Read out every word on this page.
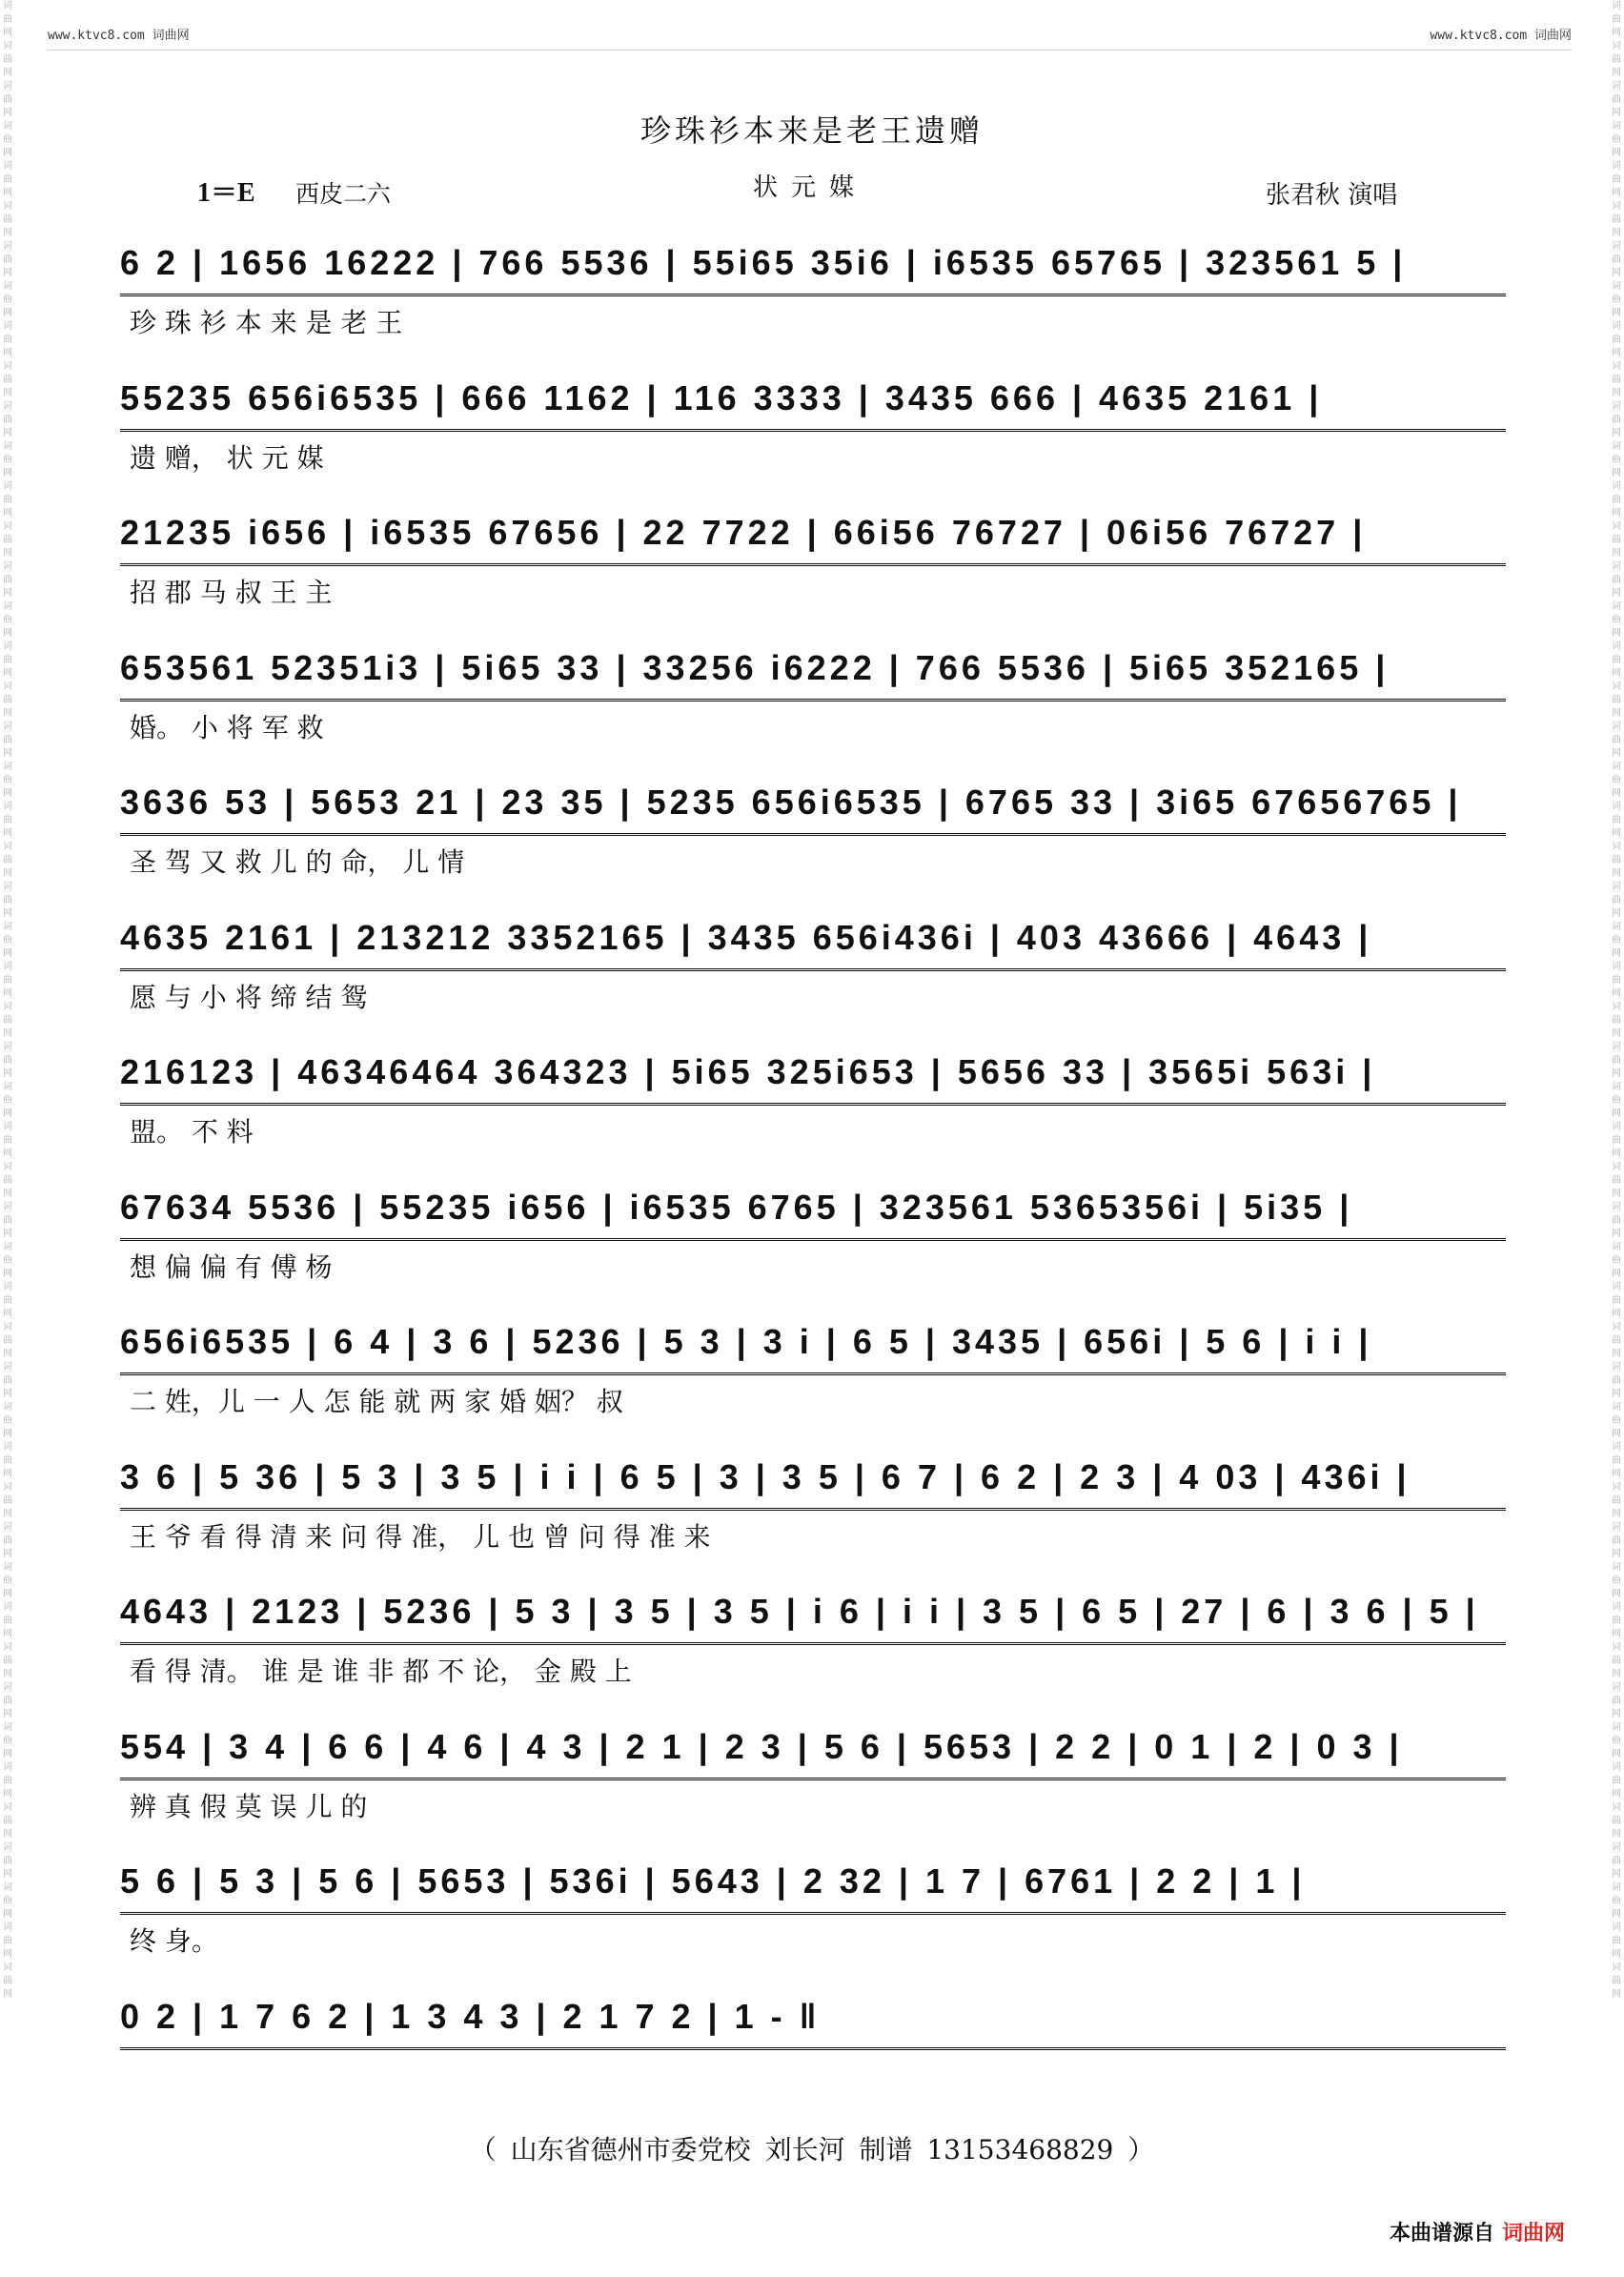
词曲网词曲网词曲网词曲网词曲网词曲网词曲网词曲网词曲网词曲网词曲网词曲网词曲网词曲网词曲网词曲网词曲网词曲网词曲网词曲网词曲网词曲网词曲网词曲网词曲网词曲网词曲网词曲网词曲网词曲网词曲网词曲网词曲网词曲网词曲网词曲网词曲网词曲网词曲网词曲网词曲网词曲网词曲网词曲网词曲网词曲网词曲网词曲网词曲网词曲网
词曲网词曲网词曲网词曲网词曲网词曲网词曲网词曲网词曲网词曲网词曲网词曲网词曲网词曲网词曲网词曲网词曲网词曲网词曲网词曲网词曲网词曲网词曲网词曲网词曲网词曲网词曲网词曲网词曲网词曲网词曲网词曲网词曲网词曲网词曲网词曲网词曲网词曲网词曲网词曲网词曲网词曲网词曲网词曲网词曲网词曲网词曲网词曲网词曲网词曲网
www.ktvc8.com 词曲网	www.ktvc8.com 词曲网
珍珠衫本来是老王遗赠
1＝E 西皮二六	状元媒	张君秋 演唱
6 2 | 1656 16222 | 766 5536 | 55i65 35i6 | i6535 65765 | 323561 5 |
珍 珠 衫 本 来 是 老 王
55235 656i6535 | 666 1162 | 116 3333 | 3435 666 | 4635 2161 |
遗 赠， 状 元 媒
21235 i656 | i6535 67656 | 22 7722 | 66i56 76727 | 06i56 76727 |
招 郡 马 叔 王 主
653561 52351i3 | 5i65 33 | 33256 i6222 | 766 5536 | 5i65 352165 |
婚。 小 将 军 救
3636 53 | 5653 21 | 23 35 | 5235 656i6535 | 6765 33 | 3i65 67656765 |
圣 驾 又 救 儿 的 命， 儿 情
4635 2161 | 213212 3352165 | 3435 656i436i | 403 43666 | 4643 |
愿 与 小 将 缔 结 鸳
216123 | 46346464 364323 | 5i65 325i653 | 5656 33 | 3565i 563i |
盟。 不 料
67634 5536 | 55235 i656 | i6535 6765 | 323561 5365356i | 5i35 |
想 偏 偏 有 傅 杨
656i6535 | 6 4 | 3 6 | 5236 | 5 3 | 3 i | 6 5 | 3435 | 656i | 5 6 | i i |
二 姓，儿 一 人 怎 能 就 两 家 婚 姻？ 叔
3 6 | 5 36 | 5 3 | 3 5 | i i | 6 5 | 3 | 3 5 | 6 7 | 6 2 | 2 3 | 4 03 | 436i |
王 爷 看 得 清 来 问 得 准， 儿 也 曾 问 得 准 来
4643 | 2123 | 5236 | 5 3 | 3 5 | 3 5 | i 6 | i i | 3 5 | 6 5 | 27 | 6 | 3 6 | 5 |
看 得 清。 谁 是 谁 非 都 不 论， 金 殿 上
554 | 3 4 | 6 6 | 4 6 | 4 3 | 2 1 | 2 3 | 5 6 | 5653 | 2 2 | 0 1 | 2 | 0 3 |
辨 真 假 莫 误 儿 的
5 6 | 5 3 | 5 6 | 5653 | 536i | 5643 | 2 32 | 1 7 | 6761 | 2 2 | 1 |
终 身。
0 2 | 1 7 6 2 | 1 3 4 3 | 2 1 7 2 | 1 - ‖
（ 山东省德州市委党校 刘长河 制谱 13153468829 ）
本曲谱源自 词曲网
